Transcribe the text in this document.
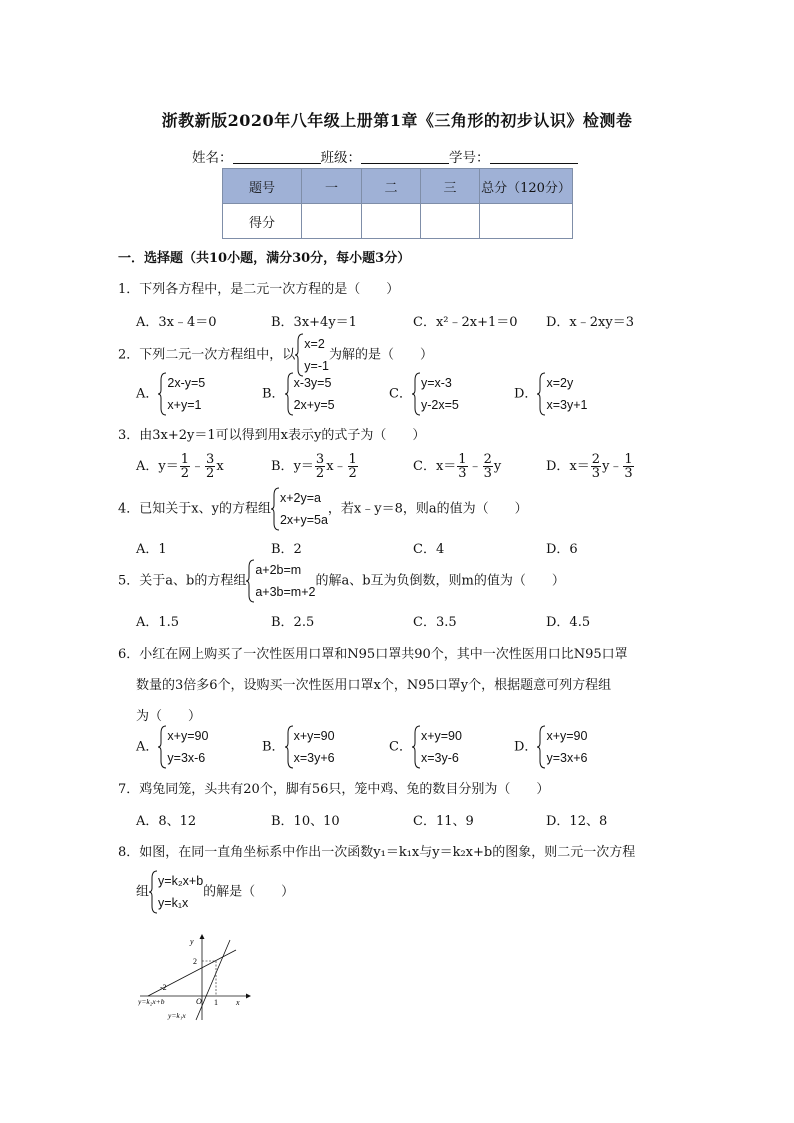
浙教新版2020年八年级上册第1章《三角形的初步认识》检测卷
姓名：	班级：	学号：
题号	一	二	三	总分（120分）
得分				
一．选择题（共10小题，满分30分，每小题3分）
1．下列各方程中，是二元一次方程的是（　　）
A．3x﹣4＝0	B．3x+4y＝1	C．x²﹣2x+1＝0 D．x﹣2xy＝3
2．下列二元一次方程组中，以
x=2
y=-1
为解的是（　　）
A．
2x-y=5
x+y=1
B．
x-3y=5
2x+y=5
C．
y=x-3
y-2x=5
D．
x=2y
x=3y+1
3．由3x+2y＝1可以得到用x表示y的式子为（　　）
A．$y= \frac{1}{2}$ ﹣ $\frac{3}{2}$ x	B．$y= \frac{3}{2}$ x﹣ $\frac{1}{2}$	C．$x= \frac{1}{3}$ ﹣ $\frac{2}{3}$ y	D．$x= \frac{2}{3}$ y﹣ $\frac{1}{3}$
4．已知关于x、y的方程组
x+2y=a
2x+y=5a
，若x﹣y＝8，则a的值为（　　）
A．1	B．2	C．4	D．6
5．关于a、b的方程组
a+2b=m
a+3b=m+2
的解a、b互为负倒数，则m的值为（　　）
A．1.5	B．2.5	C．3.5	D．4.5
6．小红在网上购买了一次性医用口罩和N95口罩共90个，其中一次性医用口比N95口罩
数量的3倍多6个，设购买一次性医用口罩x个，N95口罩y个，根据题意可列方程组
为（　　）
A．
x+y=90
y=3x-6
B．
x+y=90
x=3y+6
C．
x+y=90
x=3y-6
D．
x+y=90
y=3x+6
7．鸡兔同笼，头共有20个，脚有56只，笼中鸡、兔的数目分别为（　　）
A．8、12	B．10、10	C．11、9	D．12、8
8．如图，在同一直角坐标系中作出一次函数y₁＝k₁x与y＝k₂x+b的图象，则二元一次方程
组
y=k₂x+b
y=k₁x
的解是（　　）
y
x
O
2
1
-2
y=k₂x+b
y=k₁x
